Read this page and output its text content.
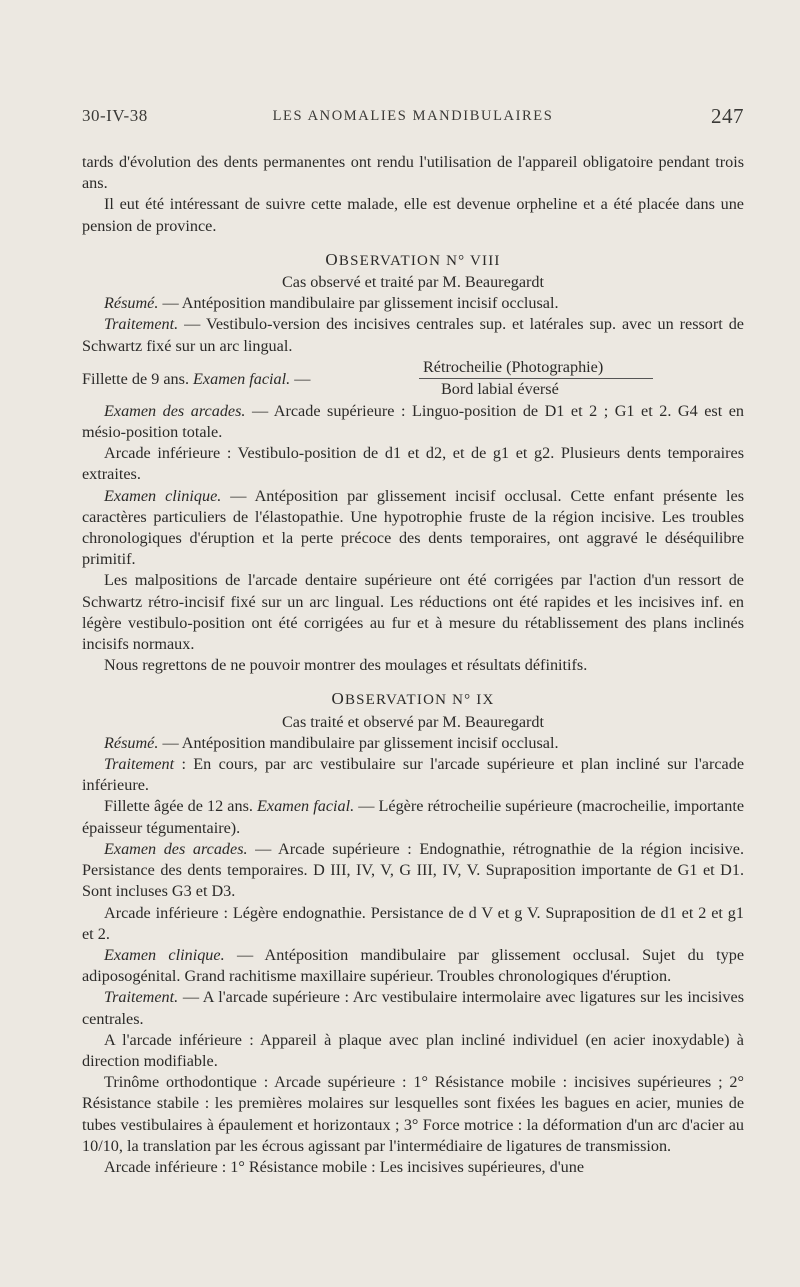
30-IV-38	LES ANOMALIES MANDIBULAIRES	247

tards d'évolution des dents permanentes ont rendu l'utilisation de l'appareil obligatoire pendant trois ans.

Il eut été intéressant de suivre cette malade, elle est devenue orpheline et a été placée dans une pension de province.

OBSERVATION N° VIII

Cas observé et traité par M. Beauregardt

Résumé. — Antéposition mandibulaire par glissement incisif occlusal.

Traitement. — Vestibulo-version des incisives centrales sup. et latérales sup. avec un ressort de Schwartz fixé sur un arc lingual.

Fillette de 9 ans. Examen facial. —
Rétrocheilie (Photographie)
Bord labial éversé

Examen des arcades. — Arcade supérieure : Linguo-position de D1 et 2 ; G1 et 2. G4 est en mésio-position totale.

Arcade inférieure : Vestibulo-position de d1 et d2, et de g1 et g2. Plusieurs dents temporaires extraites.

Examen clinique. — Antéposition par glissement incisif occlusal. Cette enfant présente les caractères particuliers de l'élastopathie. Une hypotrophie fruste de la région incisive. Les troubles chronologiques d'éruption et la perte précoce des dents temporaires, ont aggravé le déséquilibre primitif.

Les malpositions de l'arcade dentaire supérieure ont été corrigées par l'action d'un ressort de Schwartz rétro-incisif fixé sur un arc lingual. Les réductions ont été rapides et les incisives inf. en légère vestibulo-position ont été corrigées au fur et à mesure du rétablissement des plans inclinés incisifs normaux.

Nous regrettons de ne pouvoir montrer des moulages et résultats définitifs.

OBSERVATION N° IX

Cas traité et observé par M. Beauregardt

Résumé. — Antéposition mandibulaire par glissement incisif occlusal.

Traitement : En cours, par arc vestibulaire sur l'arcade supérieure et plan incliné sur l'arcade inférieure.

Fillette âgée de 12 ans. Examen facial. — Légère rétrocheilie supérieure (macrocheilie, importante épaisseur tégumentaire).

Examen des arcades. — Arcade supérieure : Endognathie, rétrognathie de la région incisive. Persistance des dents temporaires. D III, IV, V, G III, IV, V. Supraposition importante de G1 et D1. Sont incluses G3 et D3.

Arcade inférieure : Légère endognathie. Persistance de d V et g V. Supraposition de d1 et 2 et g1 et 2.

Examen clinique. — Antéposition mandibulaire par glissement occlusal. Sujet du type adiposogénital. Grand rachitisme maxillaire supérieur. Troubles chronologiques d'éruption.

Traitement. — A l'arcade supérieure : Arc vestibulaire intermolaire avec ligatures sur les incisives centrales.

A l'arcade inférieure : Appareil à plaque avec plan incliné individuel (en acier inoxydable) à direction modifiable.

Trinôme orthodontique : Arcade supérieure : 1° Résistance mobile : incisives supérieures ; 2° Résistance stabile : les premières molaires sur lesquelles sont fixées les bagues en acier, munies de tubes vestibulaires à épaulement et horizontaux ; 3° Force motrice : la déformation d'un arc d'acier au 10/10, la translation par les écrous agissant par l'intermédiaire de ligatures de transmission.

Arcade inférieure : 1° Résistance mobile : Les incisives supérieures, d'une
